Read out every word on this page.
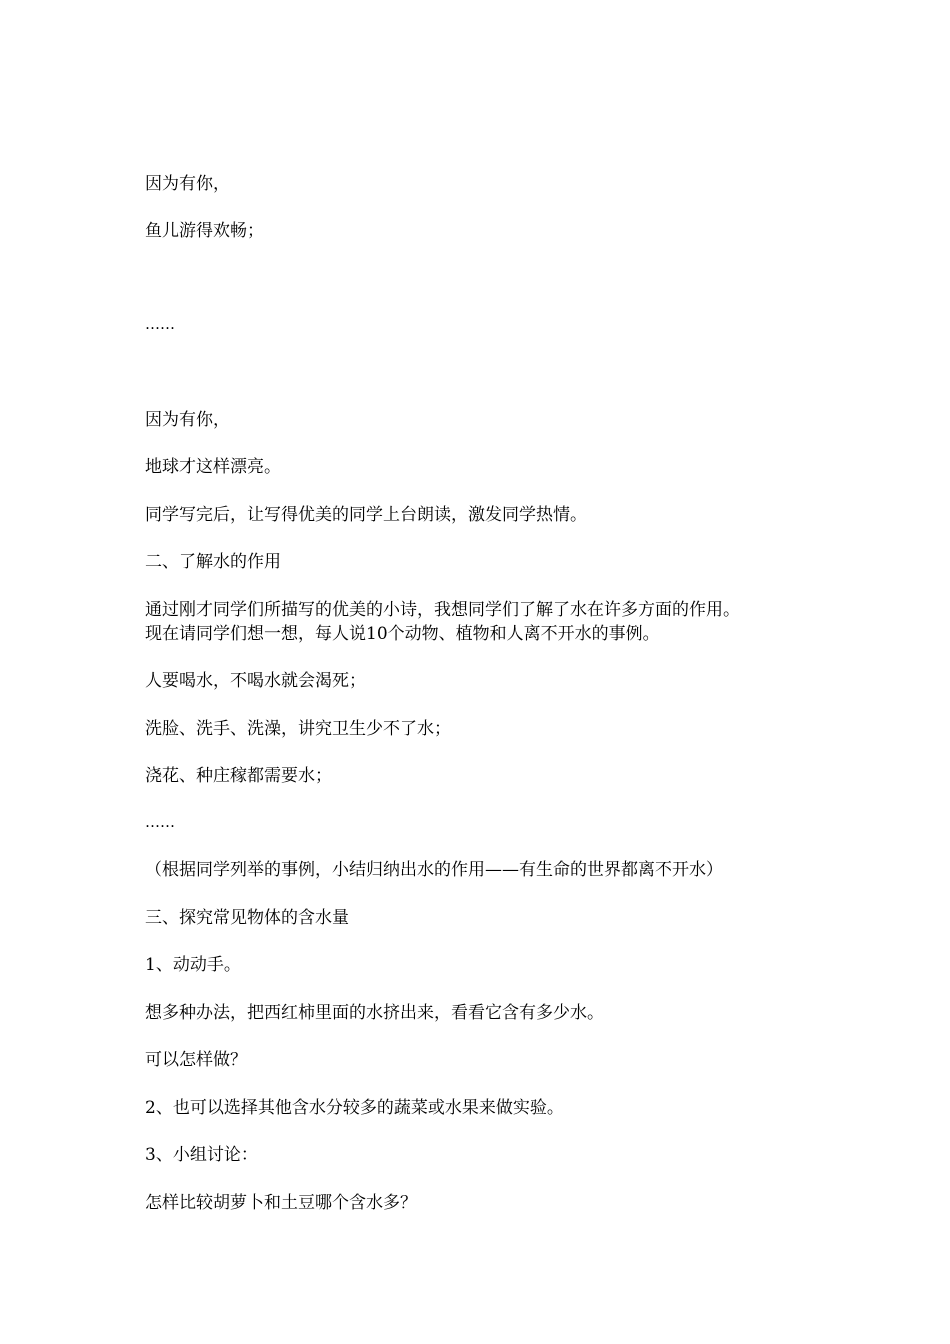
因为有你，
鱼儿游得欢畅；
……
因为有你，
地球才这样漂亮。
同学写完后，让写得优美的同学上台朗读，激发同学热情。
二、了解水的作用
通过刚才同学们所描写的优美的小诗，我想同学们了解了水在许多方面的作用。
现在请同学们想一想，每人说10个动物、植物和人离不开水的事例。
人要喝水，不喝水就会渴死；
洗脸、洗手、洗澡，讲究卫生少不了水；
浇花、种庄稼都需要水；
……
（根据同学列举的事例，小结归纳出水的作用——有生命的世界都离不开水）
三、探究常见物体的含水量
1、动动手。
想多种办法，把西红柿里面的水挤出来，看看它含有多少水。
可以怎样做？
2、也可以选择其他含水分较多的蔬菜或水果来做实验。
3、小组讨论：
怎样比较胡萝卜和土豆哪个含水多？
